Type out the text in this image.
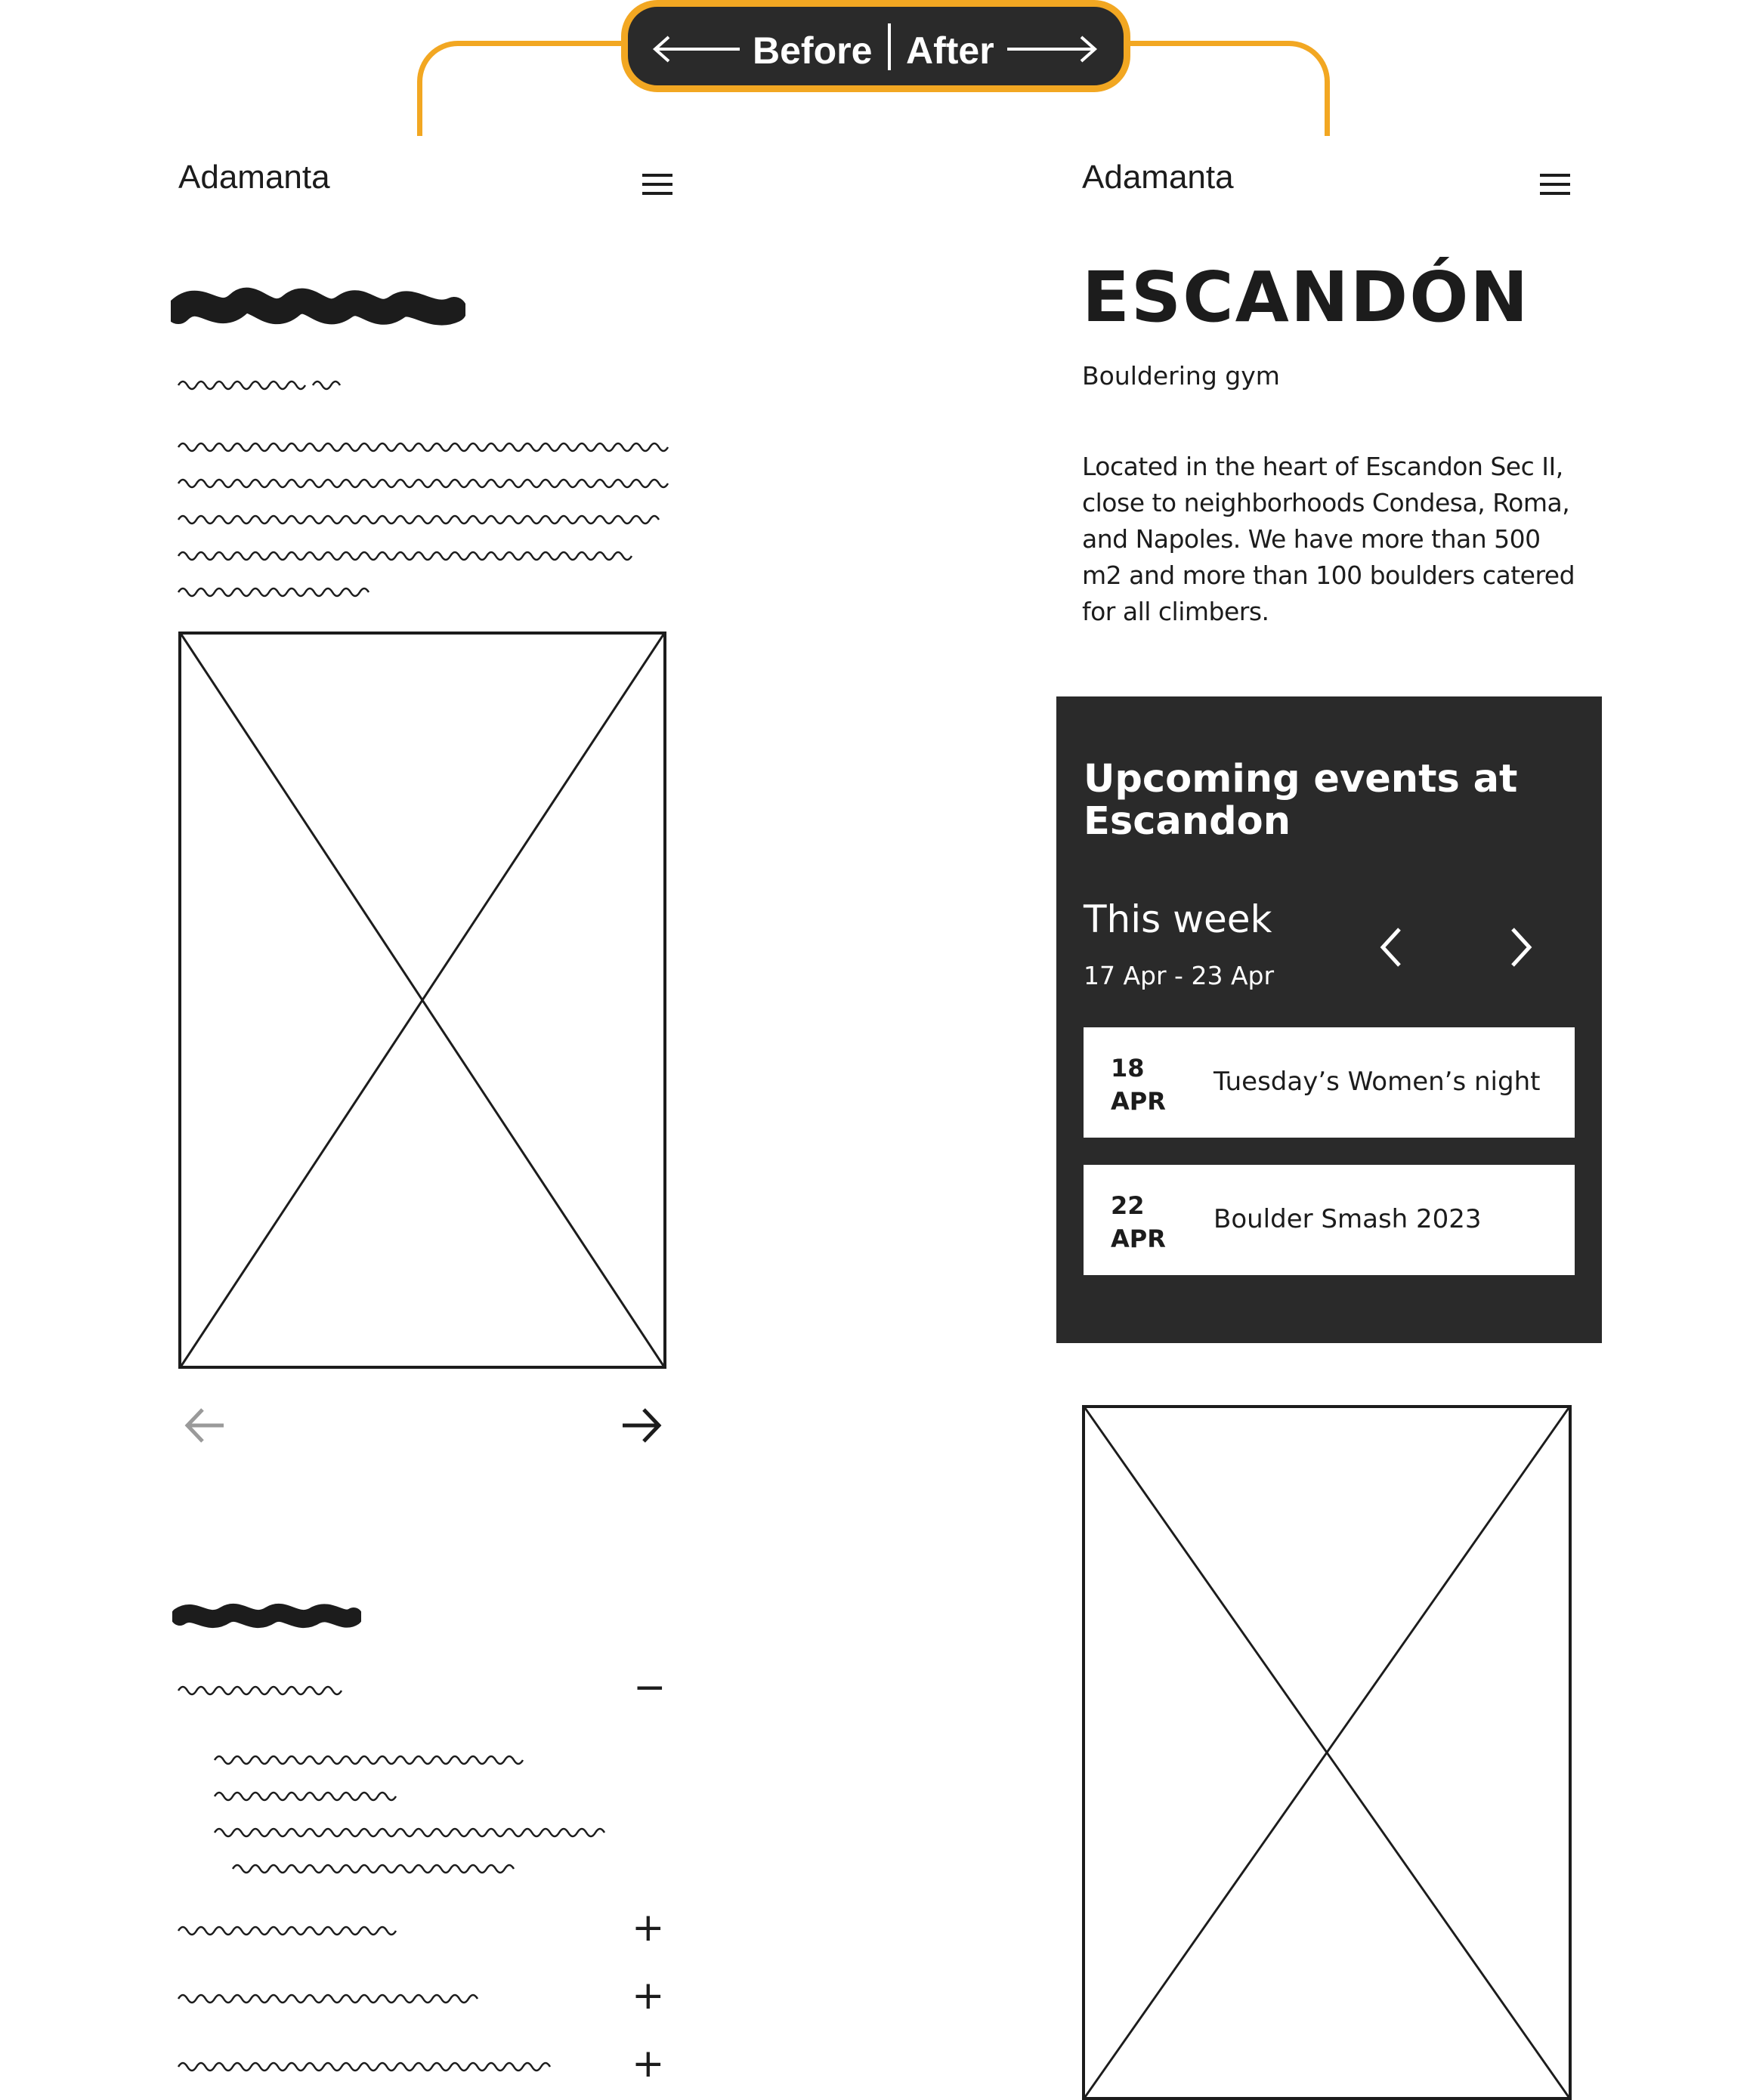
Before After
Adamanta
−
+
+
+
Adamanta
ESCANDÓN
Bouldering gym
Located in the heart of Escandon Sec II, close to neighborhoods Condesa, Roma, and Napoles. We have more than 500 m2 and more than 100 boulders catered for all climbers.
Upcoming events at Escandon
This week
17 Apr - 23 Apr
18
APR
Tuesday’s Women’s night
22
APR
Boulder Smash 2023
